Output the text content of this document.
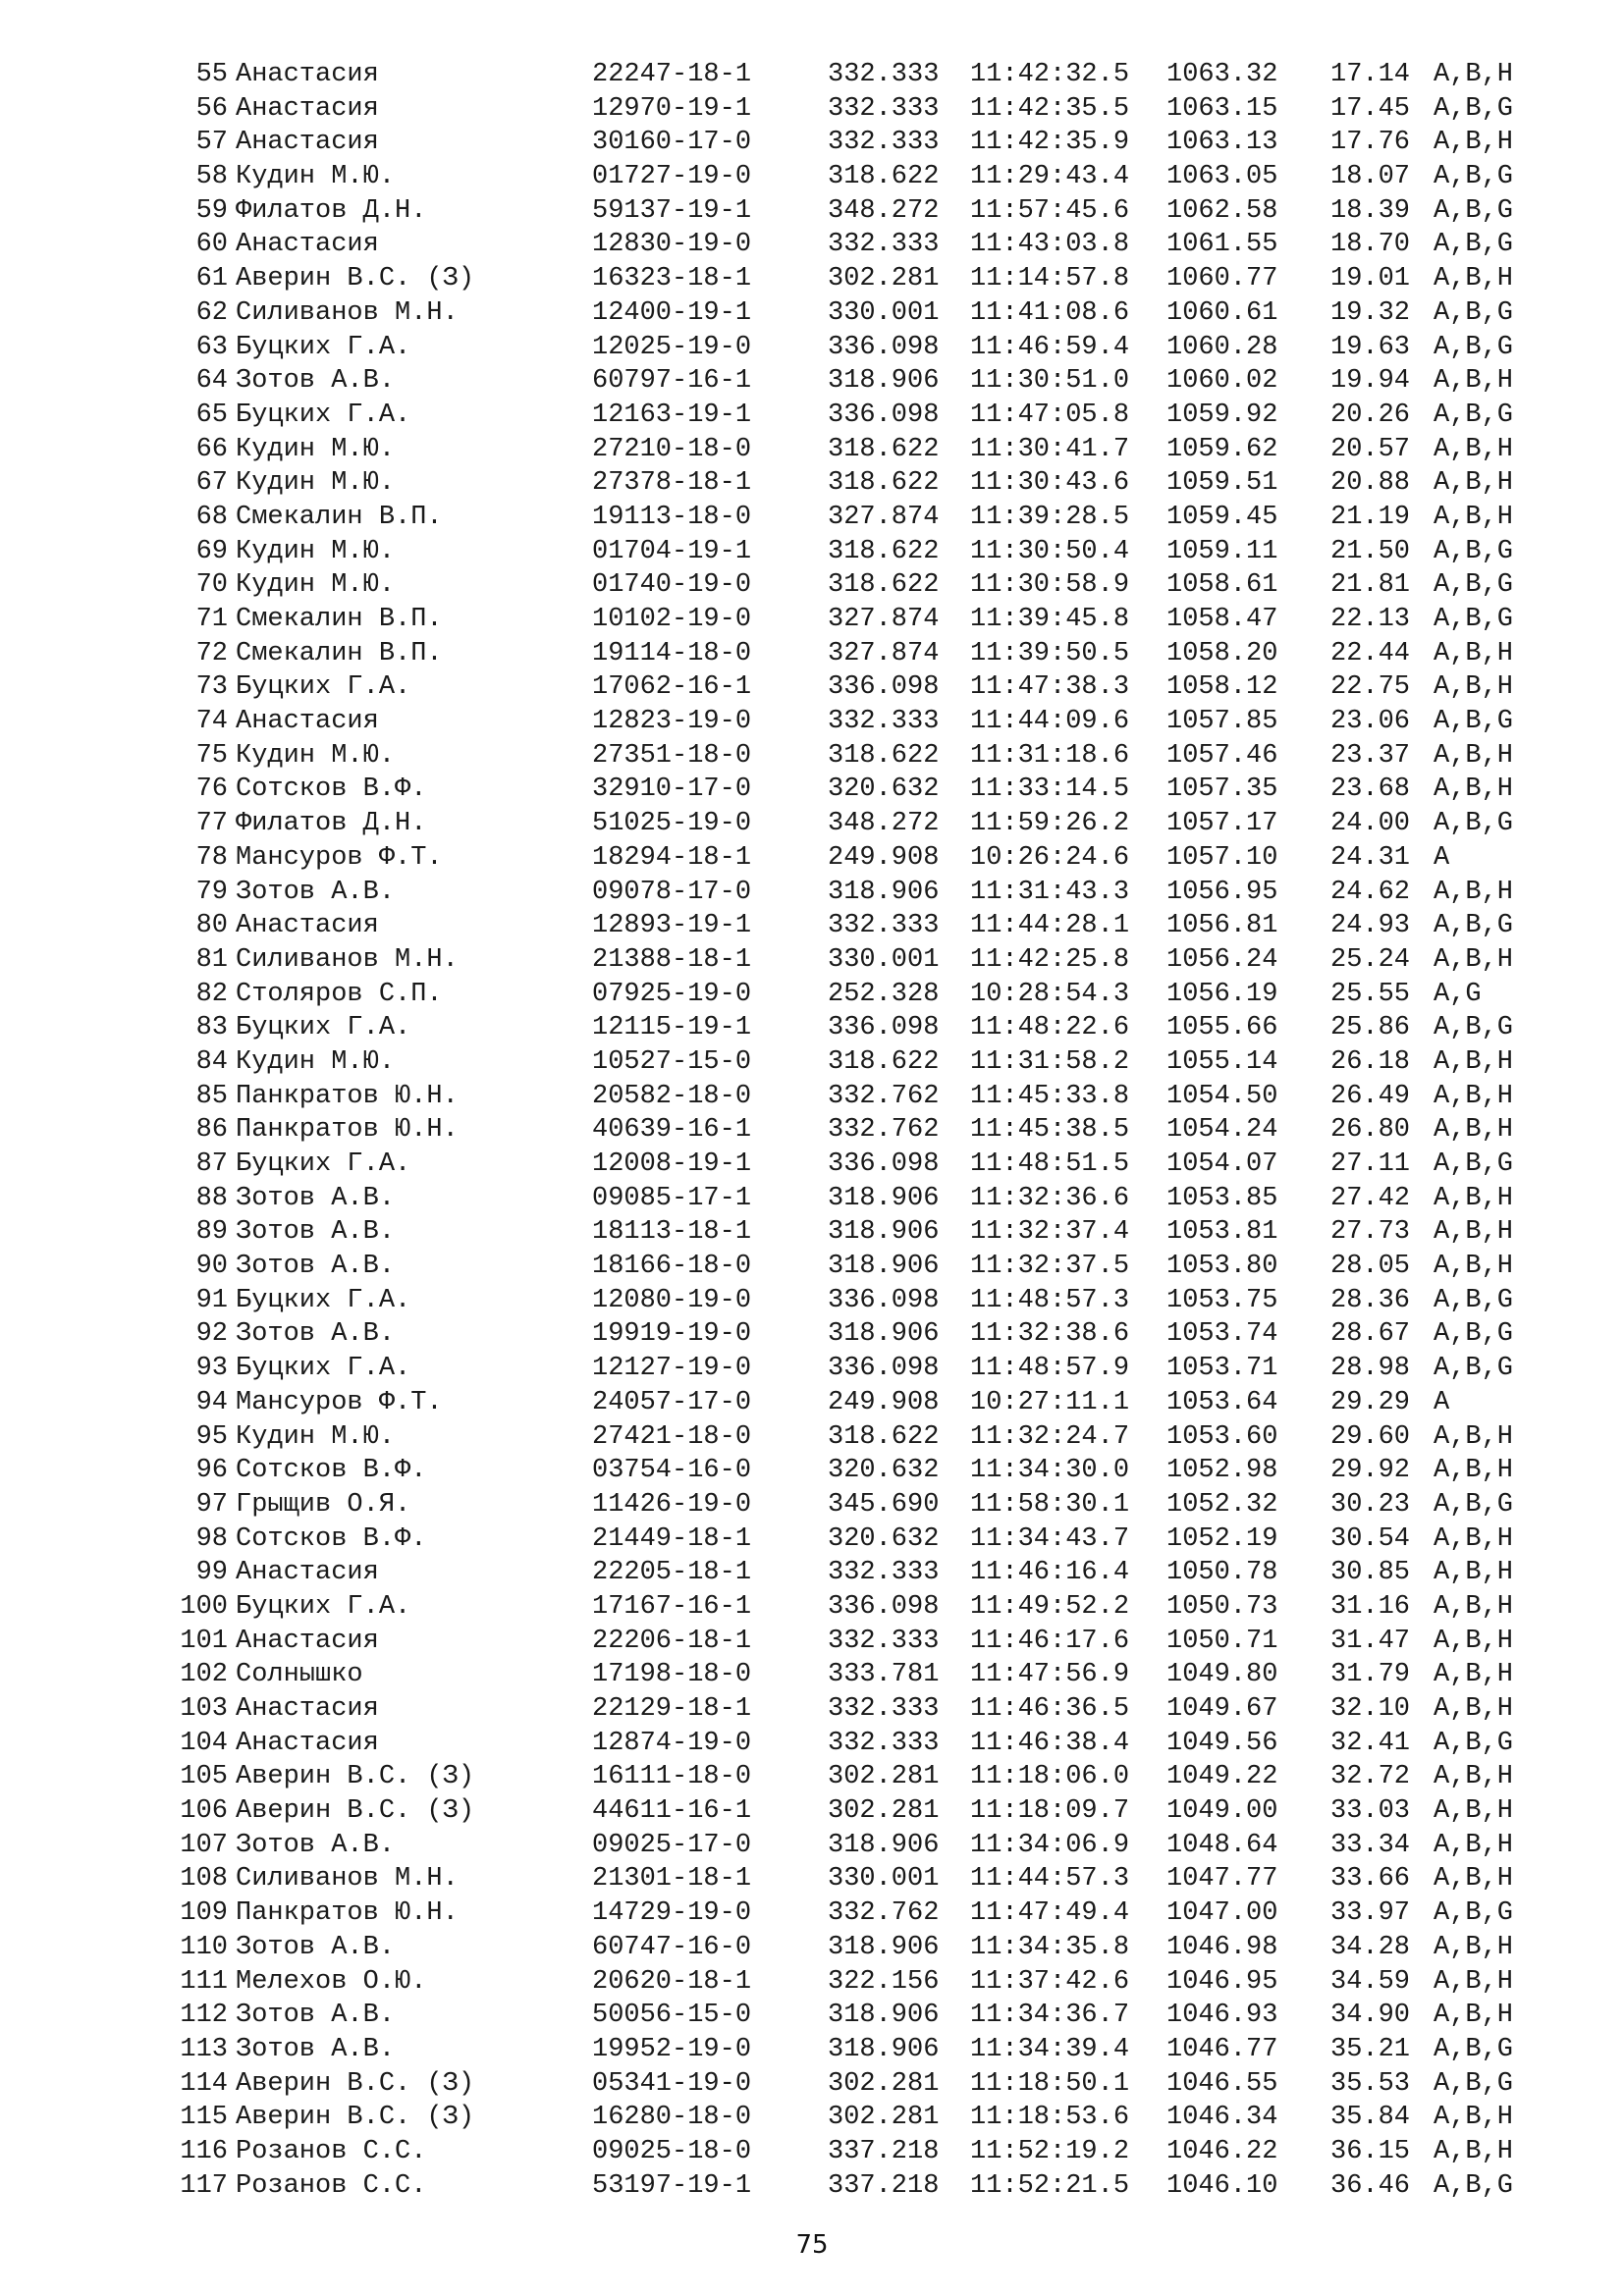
55 Анастасия	22247-18-1	332.333 11:42:32.5 1063.32 17.14 A,B,H
56 Анастасия	12970-19-1	332.333 11:42:35.5 1063.15 17.45 A,B,G
57 Анастасия	30160-17-0	332.333 11:42:35.9 1063.13 17.76 A,B,H
58 Кудин М.Ю.	01727-19-0	318.622 11:29:43.4 1063.05 18.07 A,B,G
59 Филатов Д.Н.	59137-19-1	348.272 11:57:45.6 1062.58 18.39 A,B,G
60 Анастасия	12830-19-0	332.333 11:43:03.8 1061.55 18.70 A,B,G
61 Аверин В.С. (З)	16323-18-1	302.281 11:14:57.8 1060.77 19.01 A,B,H
62 Силиванов М.Н.	12400-19-1	330.001 11:41:08.6 1060.61 19.32 A,B,G
63 Буцких Г.А.	12025-19-0	336.098 11:46:59.4 1060.28 19.63 A,B,G
64 Зотов А.В.	60797-16-1	318.906 11:30:51.0 1060.02 19.94 A,B,H
65 Буцких Г.А.	12163-19-1	336.098 11:47:05.8 1059.92 20.26 A,B,G
66 Кудин М.Ю.	27210-18-0	318.622 11:30:41.7 1059.62 20.57 A,B,H
67 Кудин М.Ю.	27378-18-1	318.622 11:30:43.6 1059.51 20.88 A,B,H
68 Смекалин В.П.	19113-18-0	327.874 11:39:28.5 1059.45 21.19 A,B,H
69 Кудин М.Ю.	01704-19-1	318.622 11:30:50.4 1059.11 21.50 A,B,G
70 Кудин М.Ю.	01740-19-0	318.622 11:30:58.9 1058.61 21.81 A,B,G
71 Смекалин В.П.	10102-19-0	327.874 11:39:45.8 1058.47 22.13 A,B,G
72 Смекалин В.П.	19114-18-0	327.874 11:39:50.5 1058.20 22.44 A,B,H
73 Буцких Г.А.	17062-16-1	336.098 11:47:38.3 1058.12 22.75 A,B,H
74 Анастасия	12823-19-0	332.333 11:44:09.6 1057.85 23.06 A,B,G
75 Кудин М.Ю.	27351-18-0	318.622 11:31:18.6 1057.46 23.37 A,B,H
76 Сотсков В.Ф.	32910-17-0	320.632 11:33:14.5 1057.35 23.68 A,B,H
77 Филатов Д.Н.	51025-19-0	348.272 11:59:26.2 1057.17 24.00 A,B,G
78 Мансуров Ф.Т.	18294-18-1	249.908 10:26:24.6 1057.10 24.31 A
79 Зотов А.В.	09078-17-0	318.906 11:31:43.3 1056.95 24.62 A,B,H
80 Анастасия	12893-19-1	332.333 11:44:28.1 1056.81 24.93 A,B,G
81 Силиванов М.Н.	21388-18-1	330.001 11:42:25.8 1056.24 25.24 A,B,H
82 Столяров С.П.	07925-19-0	252.328 10:28:54.3 1056.19 25.55 A,G
83 Буцких Г.А.	12115-19-1	336.098 11:48:22.6 1055.66 25.86 A,B,G
84 Кудин М.Ю.	10527-15-0	318.622 11:31:58.2 1055.14 26.18 A,B,H
85 Панкратов Ю.Н.	20582-18-0	332.762 11:45:33.8 1054.50 26.49 A,B,H
86 Панкратов Ю.Н.	40639-16-1	332.762 11:45:38.5 1054.24 26.80 A,B,H
87 Буцких Г.А.	12008-19-1	336.098 11:48:51.5 1054.07 27.11 A,B,G
88 Зотов А.В.	09085-17-1	318.906 11:32:36.6 1053.85 27.42 A,B,H
89 Зотов А.В.	18113-18-1	318.906 11:32:37.4 1053.81 27.73 A,B,H
90 Зотов А.В.	18166-18-0	318.906 11:32:37.5 1053.80 28.05 A,B,H
91 Буцких Г.А.	12080-19-0	336.098 11:48:57.3 1053.75 28.36 A,B,G
92 Зотов А.В.	19919-19-0	318.906 11:32:38.6 1053.74 28.67 A,B,G
93 Буцких Г.А.	12127-19-0	336.098 11:48:57.9 1053.71 28.98 A,B,G
94 Мансуров Ф.Т.	24057-17-0	249.908 10:27:11.1 1053.64 29.29 A
95 Кудин М.Ю.	27421-18-0	318.622 11:32:24.7 1053.60 29.60 A,B,H
96 Сотсков В.Ф.	03754-16-0	320.632 11:34:30.0 1052.98 29.92 A,B,H
97 Грыщив О.Я.	11426-19-0	345.690 11:58:30.1 1052.32 30.23 A,B,G
98 Сотсков В.Ф.	21449-18-1	320.632 11:34:43.7 1052.19 30.54 A,B,H
99 Анастасия	22205-18-1	332.333 11:46:16.4 1050.78 30.85 A,B,H
100 Буцких Г.А.	17167-16-1	336.098 11:49:52.2 1050.73 31.16 A,B,H
101 Анастасия	22206-18-1	332.333 11:46:17.6 1050.71 31.47 A,B,H
102 Солнышко	17198-18-0	333.781 11:47:56.9 1049.80 31.79 A,B,H
103 Анастасия	22129-18-1	332.333 11:46:36.5 1049.67 32.10 A,B,H
104 Анастасия	12874-19-0	332.333 11:46:38.4 1049.56 32.41 A,B,G
105 Аверин В.С. (З)	16111-18-0	302.281 11:18:06.0 1049.22 32.72 A,B,H
106 Аверин В.С. (З)	44611-16-1	302.281 11:18:09.7 1049.00 33.03 A,B,H
107 Зотов А.В.	09025-17-0	318.906 11:34:06.9 1048.64 33.34 A,B,H
108 Силиванов М.Н.	21301-18-1	330.001 11:44:57.3 1047.77 33.66 A,B,H
109 Панкратов Ю.Н.	14729-19-0	332.762 11:47:49.4 1047.00 33.97 A,B,G
110 Зотов А.В.	60747-16-0	318.906 11:34:35.8 1046.98 34.28 A,B,H
111 Мелехов О.Ю.	20620-18-1	322.156 11:37:42.6 1046.95 34.59 A,B,H
112 Зотов А.В.	50056-15-0	318.906 11:34:36.7 1046.93 34.90 A,B,H
113 Зотов А.В.	19952-19-0	318.906 11:34:39.4 1046.77 35.21 A,B,G
114 Аверин В.С. (З)	05341-19-0	302.281 11:18:50.1 1046.55 35.53 A,B,G
115 Аверин В.С. (З)	16280-18-0	302.281 11:18:53.6 1046.34 35.84 A,B,H
116 Розанов С.С.	09025-18-0	337.218 11:52:19.2 1046.22 36.15 A,B,H
117 Розанов С.С.	53197-19-1	337.218 11:52:21.5 1046.10 36.46 A,B,G
75
